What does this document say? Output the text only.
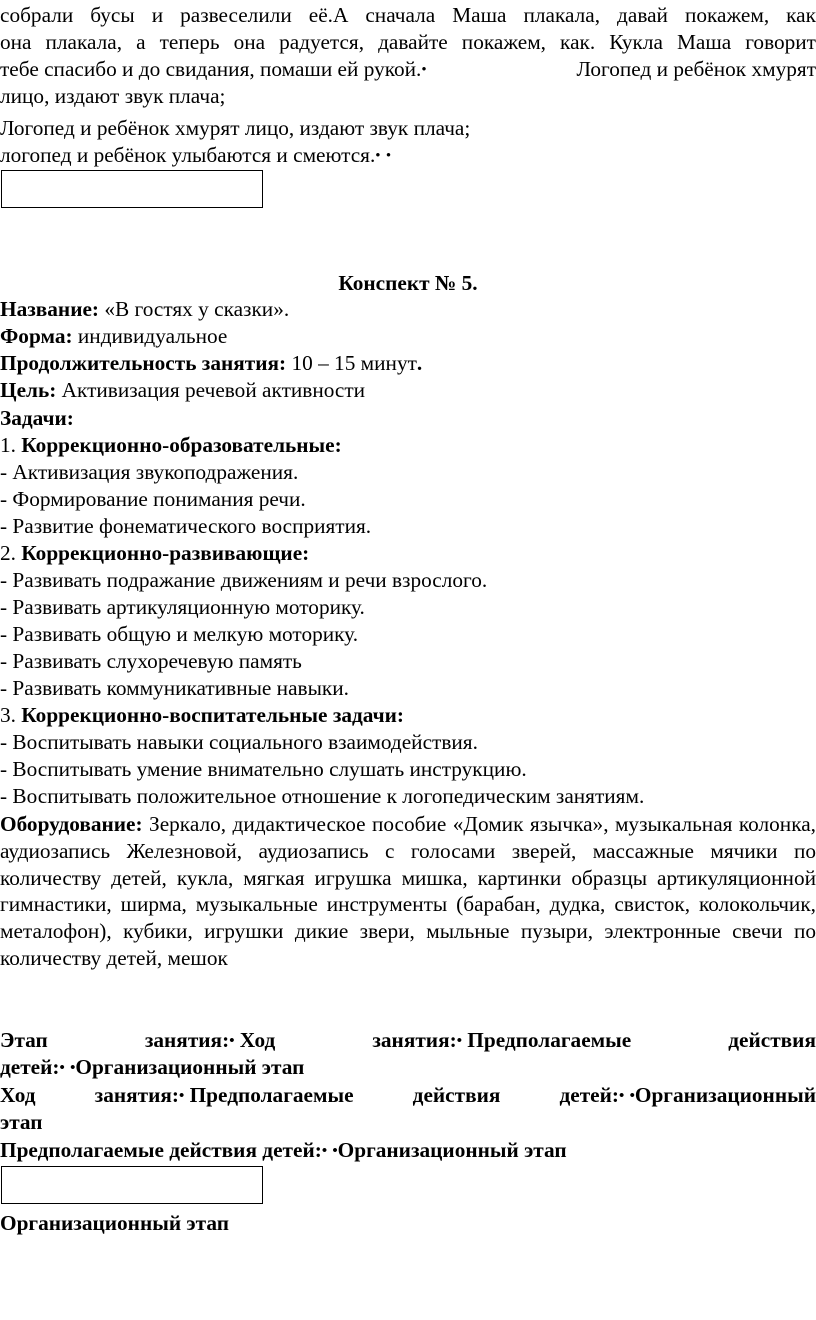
собрали бусы и развеселили её.А сначала Маша плакала, давай покажем, как

она плакала, а теперь она радуется, давайте покажем, как. Кукла Маша говорит

тебе спасибо и до свидания, помаши ей рукой.•	Логопед и ребёнок хмурят

лицо, издают звук плача;

Логопед и ребёнок хмурят лицо, издают звук плача;

логопед и ребёнок улыбаются и смеются.• •

Конспект № 5.

Название: «В гостях у сказки».

Форма: индивидуальное

Продолжительность занятия: 10 – 15 минут.

Цель: Активизация речевой активности

Задачи:

1. Коррекционно-образовательные:

- Активизация звукоподражения.

- Формирование понимания речи.

- Развитие фонематического восприятия.

2. Коррекционно-развивающие:

- Развивать подражание движениям и речи взрослого.

- Развивать артикуляционную моторику.

- Развивать общую и мелкую моторику.

- Развивать слухоречевую память

- Развивать коммуникативные навыки.

3. Коррекционно-воспитательные задачи:

- Воспитывать навыки социального взаимодействия.

- Воспитывать умение внимательно слушать инструкцию.

- Воспитывать положительное отношение к логопедическим занятиям.

Оборудование: Зеркало, дидактическое пособие «Домик язычка», музыкальная колонка, аудиозапись Железновой, аудиозапись с голосами зверей, массажные мячики по количеству детей, кукла, мягкая игрушка мишка, картинки образцы артикуляционной гимнастики, ширма, музыкальные инструменты (барабан, дудка, свисток, колокольчик, металофон), кубики, игрушки дикие звери, мыльные пузыри, электронные свечи по количеству детей, мешок

Этап	занятия:• Ход	занятия:• Предполагаемые	действия

детей:• •Организационный этап

Ход	занятия:• Предполагаемые	действия	детей:• •Организационный

этап

Предполагаемые действия детей:• •Организационный этап

Организационный этап

Этап занятия:
Ход занятия:
